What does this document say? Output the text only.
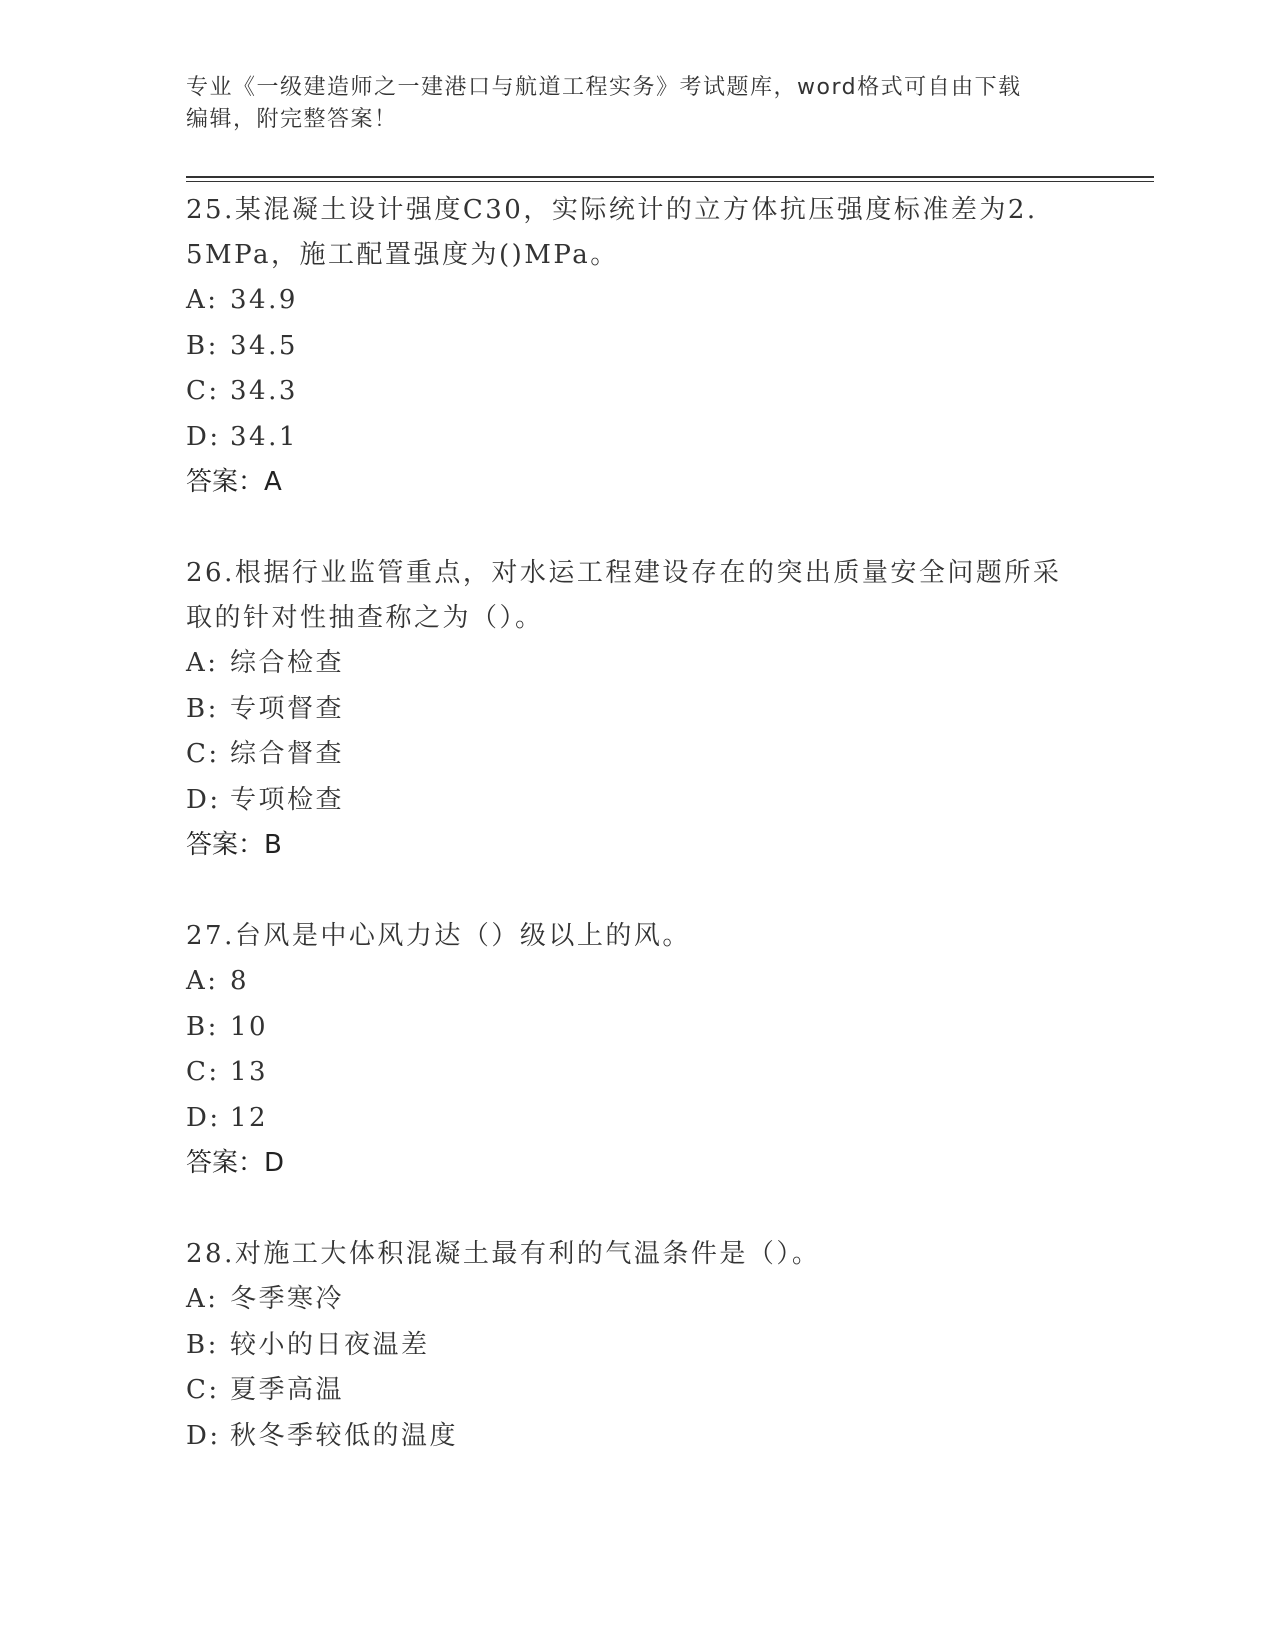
专业《一级建造师之一建港口与航道工程实务》考试题库，word格式可自由下载
编辑，附完整答案！
25.某混凝土设计强度C30，实际统计的立方体抗压强度标准差为2.
5MPa，施工配置强度为()MPa。
A: 34.9
B: 34.5
C: 34.3
D: 34.1
答案：A
26.根据行业监管重点，对水运工程建设存在的突出质量安全问题所采
取的针对性抽查称之为（）。
A: 综合检查
B: 专项督查
C: 综合督查
D: 专项检查
答案：B
27.台风是中心风力达（）级以上的风。
A: 8
B: 10
C: 13
D: 12
答案：D
28.对施工大体积混凝土最有利的气温条件是（）。
A: 冬季寒冷
B: 较小的日夜温差
C: 夏季高温
D: 秋冬季较低的温度
